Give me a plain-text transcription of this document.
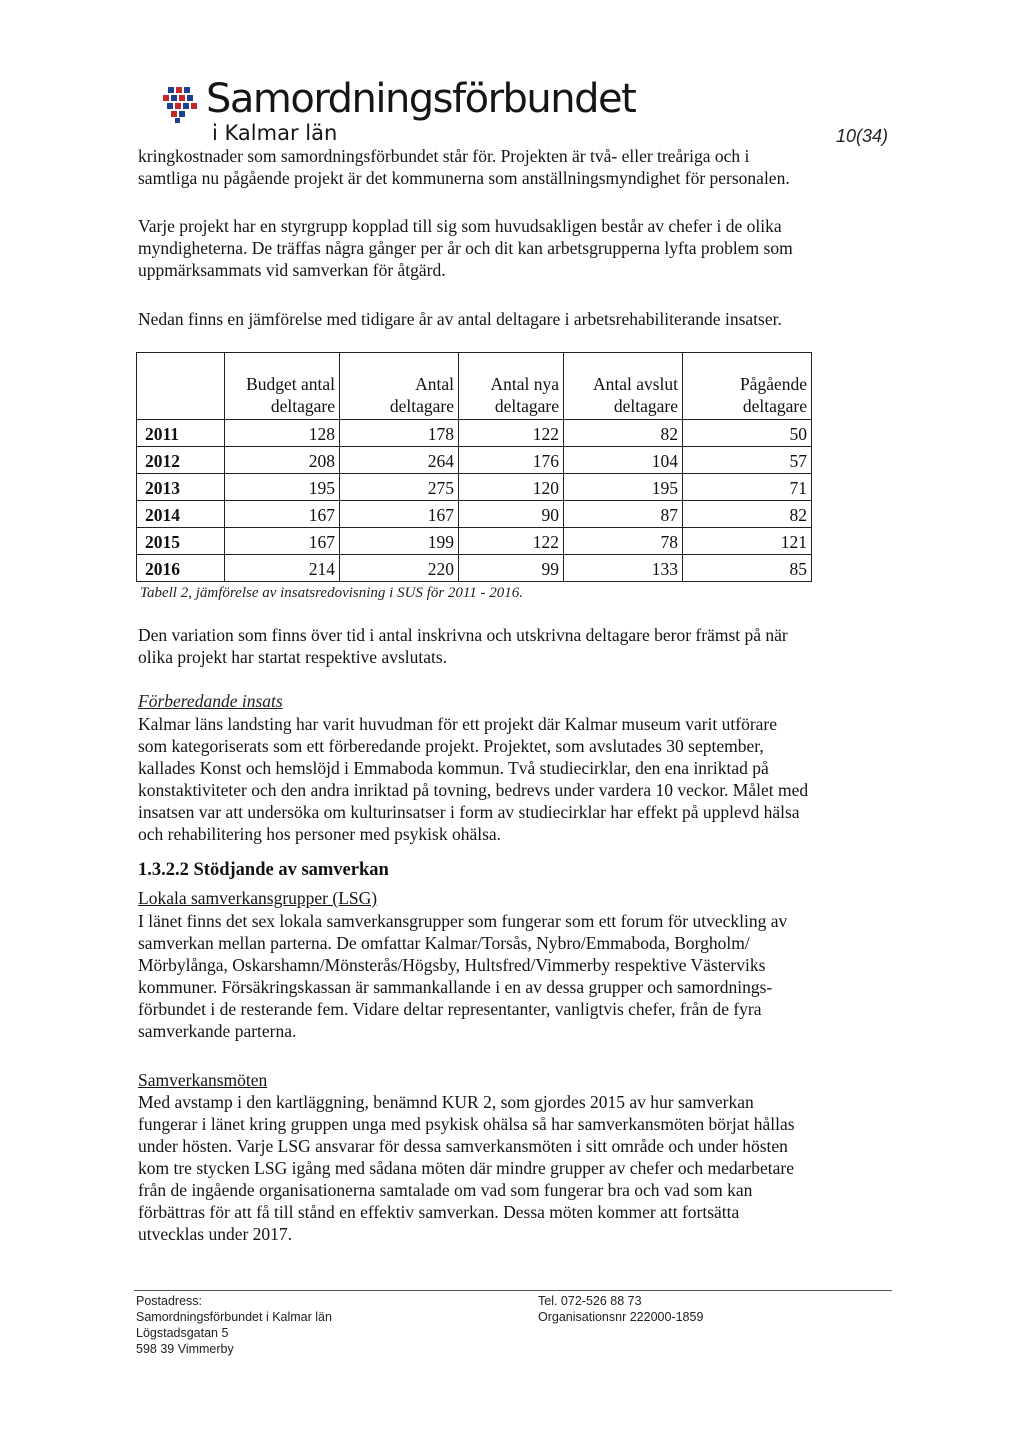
Samordningsförbundet
i Kalmar län	10(34)

kringkostnader som samordningsförbundet står för. Projekten är två- eller treåriga och i
samtliga nu pågående projekt är det kommunerna som anställningsmyndighet för personalen.

Varje projekt har en styrgrupp kopplad till sig som huvudsakligen består av chefer i de olika
myndigheterna. De träffas några gånger per år och dit kan arbetsgrupperna lyfta problem som
uppmärksammats vid samverkan för åtgärd.

Nedan finns en jämförelse med tidigare år av antal deltagare i arbetsrehabiliterande insatser.

	Budget antal
deltagare	Antal
deltagare	Antal nya
deltagare	Antal avslut
deltagare	Pågående
deltagare
2011	128	178	122	82	50
2012	208	264	176	104	57
2013	195	275	120	195	71
2014	167	167	90	87	82
2015	167	199	122	78	121
2016	214	220	99	133	85
Tabell 2, jämförelse av insatsredovisning i SUS för 2011 - 2016.

Den variation som finns över tid i antal inskrivna och utskrivna deltagare beror främst på när
olika projekt har startat respektive avslutats.

Förberedande insats

Kalmar läns landsting har varit huvudman för ett projekt där Kalmar museum varit utförare
som kategoriserats som ett förberedande projekt. Projektet, som avslutades 30 september,
kallades Konst och hemslöjd i Emmaboda kommun. Två studiecirklar, den ena inriktad på
konstaktiviteter och den andra inriktad på tovning, bedrevs under vardera 10 veckor. Målet med
insatsen var att undersöka om kulturinsatser i form av studiecirklar har effekt på upplevd hälsa
och rehabilitering hos personer med psykisk ohälsa.

1.3.2.2 Stödjande av samverkan
Lokala samverkansgrupper (LSG)

I länet finns det sex lokala samverkansgrupper som fungerar som ett forum för utveckling av
samverkan mellan parterna. De omfattar Kalmar/Torsås, Nybro/Emmaboda, Borgholm/
Mörbylånga, Oskarshamn/Mönsterås/Högsby, Hultsfred/Vimmerby respektive Västerviks
kommuner. Försäkringskassan är sammankallande i en av dessa grupper och samordnings-
förbundet i de resterande fem. Vidare deltar representanter, vanligtvis chefer, från de fyra
samverkande parterna.

Samverkansmöten

Med avstamp i den kartläggning, benämnd KUR 2, som gjordes 2015 av hur samverkan
fungerar i länet kring gruppen unga med psykisk ohälsa så har samverkansmöten börjat hållas
under hösten. Varje LSG ansvarar för dessa samverkansmöten i sitt område och under hösten
kom tre stycken LSG igång med sådana möten där mindre grupper av chefer och medarbetare
från de ingående organisationerna samtalade om vad som fungerar bra och vad som kan
förbättras för att få till stånd en effektiv samverkan. Dessa möten kommer att fortsätta
utvecklas under 2017.

Postadress:
Samordningsförbundet i Kalmar län
Lögstadsgatan 5
598 39 Vimmerby
Tel. 072-526 88 73
Organisationsnr 222000-1859
